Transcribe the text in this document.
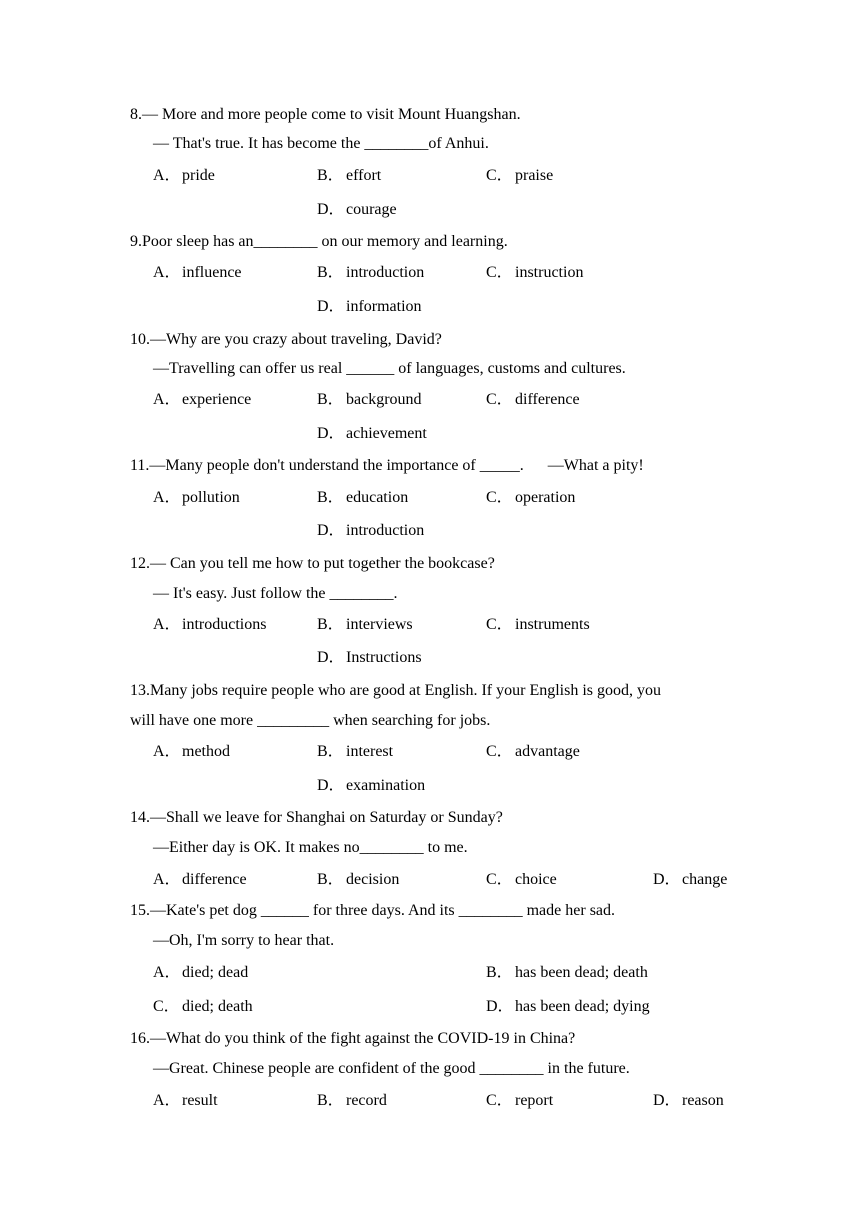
8.— More and more people come to visit Mount Huangshan.
— That's true. It has become the ________of Anhui.
A．pride	B． effort	C． praise
D．courage
9.Poor sleep has an________ on our memory and learning.
A．influence	B． introduction	C． instruction
D．information
10.—Why are you crazy about traveling, David?
—Travelling can offer us real ______ of languages, customs and cultures.
A．experience	B． background	C． difference
D．achievement
11.—Many people don't understand the importance of _____.      —What a pity!
A．pollution	B． education	C． operation
D．introduction
12.— Can you tell me how to put together the bookcase?
— It's easy. Just follow the ________.
A．introductions	B． interviews	C． instruments
D．Instructions
13.Many jobs require people who are good at English. If your English is good, you
will have one more _________ when searching for jobs.
A．method	B． interest	C． advantage
D．examination
14.—Shall we leave for Shanghai on Saturday or Sunday?
—Either day is OK. It makes no________ to me.
A．difference	B． decision	C． choice	D．change
15.—Kate's pet dog ______ for three days. And its ________ made her sad.
—Oh, I'm sorry to hear that.
A．died; dead	B． has been dead; death
C． died; death	D．has been dead; dying
16.—What do you think of the fight against the COVID-19 in China?
—Great. Chinese people are confident of the good ________ in the future.
A．result	B． record	C． report	D．reason
